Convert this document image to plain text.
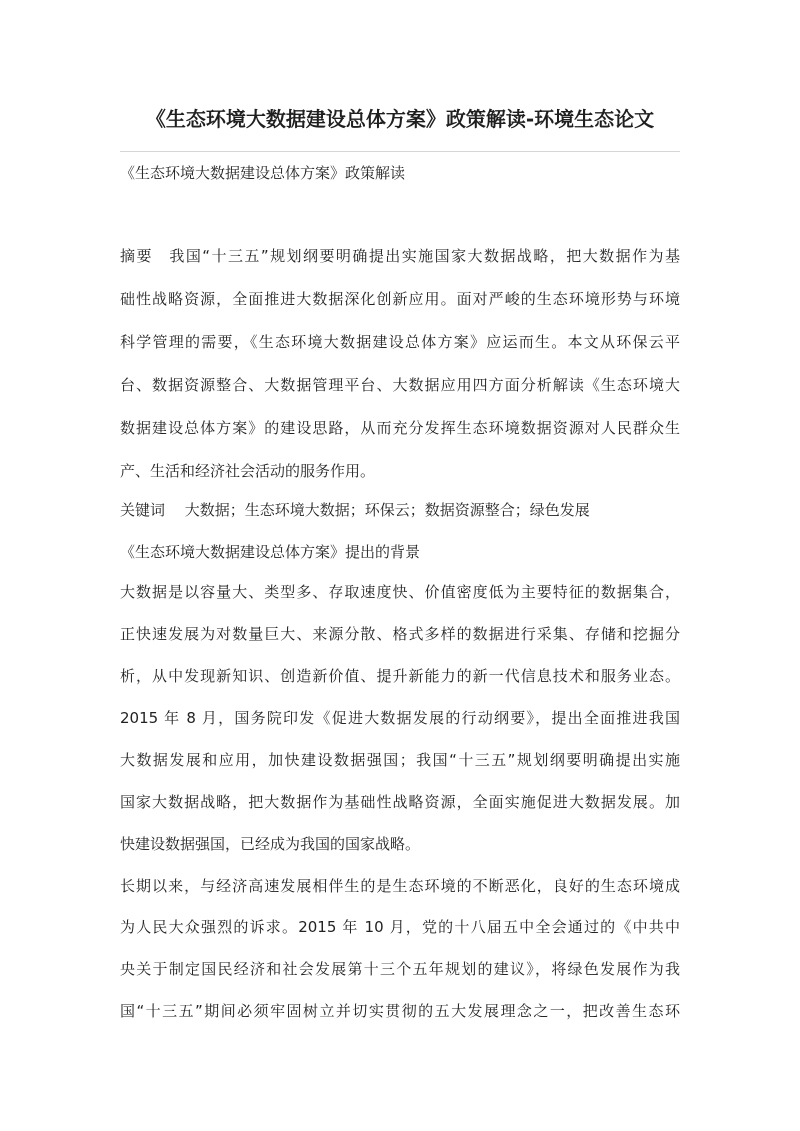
《生态环境大数据建设总体方案》政策解读-环境生态论文
《生态环境大数据建设总体方案》政策解读
摘要　我国“十三五”规划纲要明确提出实施国家大数据战略，把大数据作为基
础性战略资源，全面推进大数据深化创新应用。面对严峻的生态环境形势与环境
科学管理的需要，《生态环境大数据建设总体方案》应运而生。本文从环保云平
台、数据资源整合、大数据管理平台、大数据应用四方面分析解读《生态环境大
数据建设总体方案》的建设思路，从而充分发挥生态环境数据资源对人民群众生
产、生活和经济社会活动的服务作用。
关键词　 大数据；生态环境大数据；环保云；数据资源整合；绿色发展
《生态环境大数据建设总体方案》提出的背景
大数据是以容量大、类型多、存取速度快、价值密度低为主要特征的数据集合，
正快速发展为对数量巨大、来源分散、格式多样的数据进行采集、存储和挖掘分
析，从中发现新知识、创造新价值、提升新能力的新一代信息技术和服务业态。
2015 年 8 月，国务院印发《促进大数据发展的行动纲要》，提出全面推进我国
大数据发展和应用，加快建设数据强国；我国“十三五”规划纲要明确提出实施
国家大数据战略，把大数据作为基础性战略资源，全面实施促进大数据发展。加
快建设数据强国，已经成为我国的国家战略。
长期以来，与经济高速发展相伴生的是生态环境的不断恶化，良好的生态环境成
为人民大众强烈的诉求。2015 年 10 月，党的十八届五中全会通过的《中共中
央关于制定国民经济和社会发展第十三个五年规划的建议》，将绿色发展作为我
国“十三五”期间必须牢固树立并切实贯彻的五大发展理念之一，把改善生态环
